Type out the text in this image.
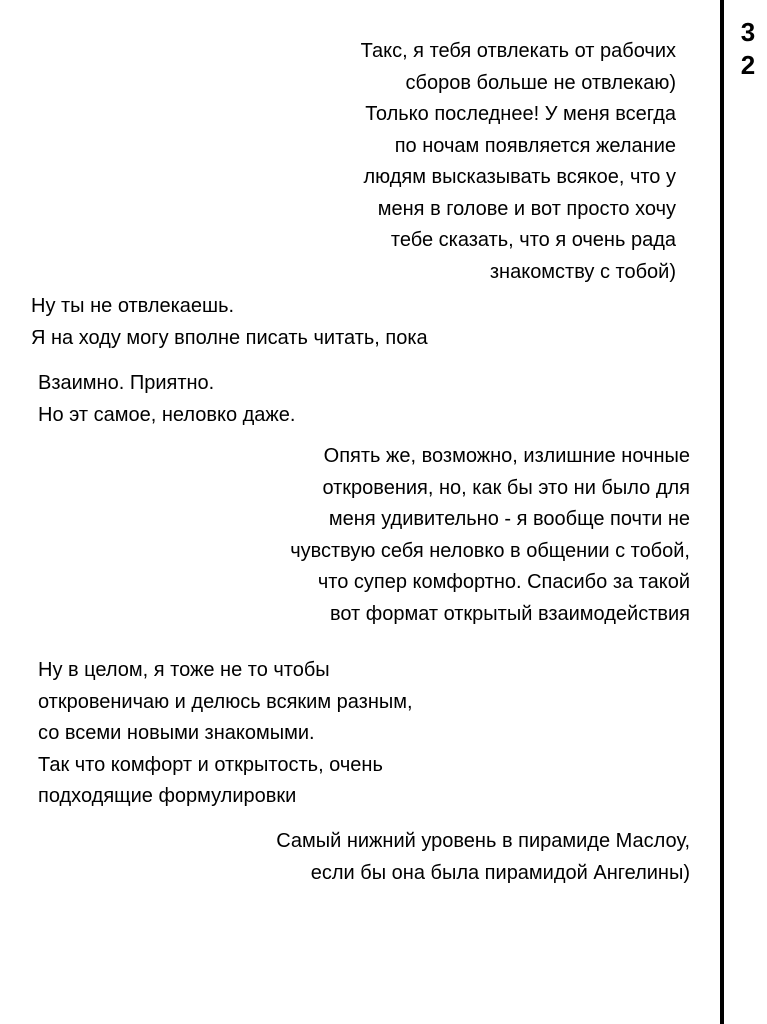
Такс, я тебя отвлекать от рабочих
сборов больше не отвлекаю)
Только последнее! У меня всегда
по ночам появляется желание
людям высказывать всякое, что у
меня в голове и вот просто хочу
тебе сказать, что я очень рада
знакомству с тобой)
Ну ты не отвлекаешь.
Я на ходу могу вполне писать читать, пока
Взаимно. Приятно.
Но эт самое, неловко даже.
Опять же, возможно, излишние ночные
откровения, но, как бы это ни было для
меня удивительно - я вообще почти не
чувствую себя неловко в общении с тобой,
что супер комфортно. Спасибо за такой
вот формат открытый взаимодействия
Ну в целом, я тоже не то чтобы
откровеничаю и делюсь всяким разным,
со всеми новыми знакомыми.
Так что комфорт и открытость, очень
подходящие формулировки
Самый нижний уровень в пирамиде Маслоу,
если бы она была пирамидой Ангелины)
3
2
